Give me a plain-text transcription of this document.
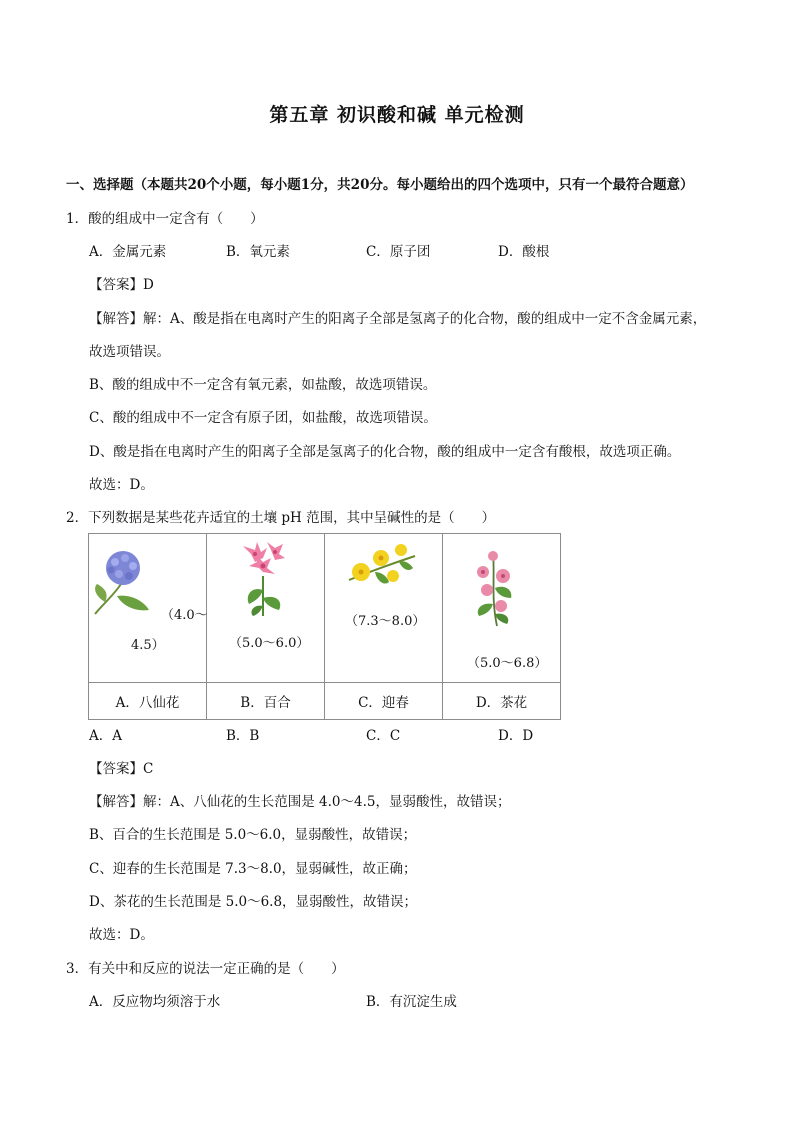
第五章 初识酸和碱 单元检测
一、选择题（本题共20个小题，每小题1分，共20分。每小题给出的四个选项中，只有一个最符合题意）
1．酸的组成中一定含有（　　）
A．金属元素	B．氧元素	C．原子团	D．酸根
【答案】D
【解答】解：A、酸是指在电离时产生的阳离子全部是氢离子的化合物，酸的组成中一定不含金属元素，
故选项错误。
B、酸的组成中不一定含有氧元素，如盐酸，故选项错误。
C、酸的组成中不一定含有原子团，如盐酸，故选项错误。
D、酸是指在电离时产生的阳离子全部是氢离子的化合物，酸的组成中一定含有酸根，故选项正确。
故选：D。
2．下列数据是某些花卉适宜的土壤 pH 范围，其中呈碱性的是（　　）
（4.0～
4.5）	（5.0～6.0）	（7.3～8.0）	（5.0～6.8）

A．八仙花	B．百合	C．迎春	D．茶花
A．A	B．B	C．C	D．D
【答案】C
【解答】解：A、八仙花的生长范围是 4.0～4.5，显弱酸性，故错误；
B、百合的生长范围是 5.0～6.0，显弱酸性，故错误；
C、迎春的生长范围是 7.3～8.0，显弱碱性，故正确；
D、茶花的生长范围是 5.0～6.8，显弱酸性，故错误；
故选：D。
3．有关中和反应的说法一定正确的是（　　）
A．反应物均须溶于水	B．有沉淀生成
